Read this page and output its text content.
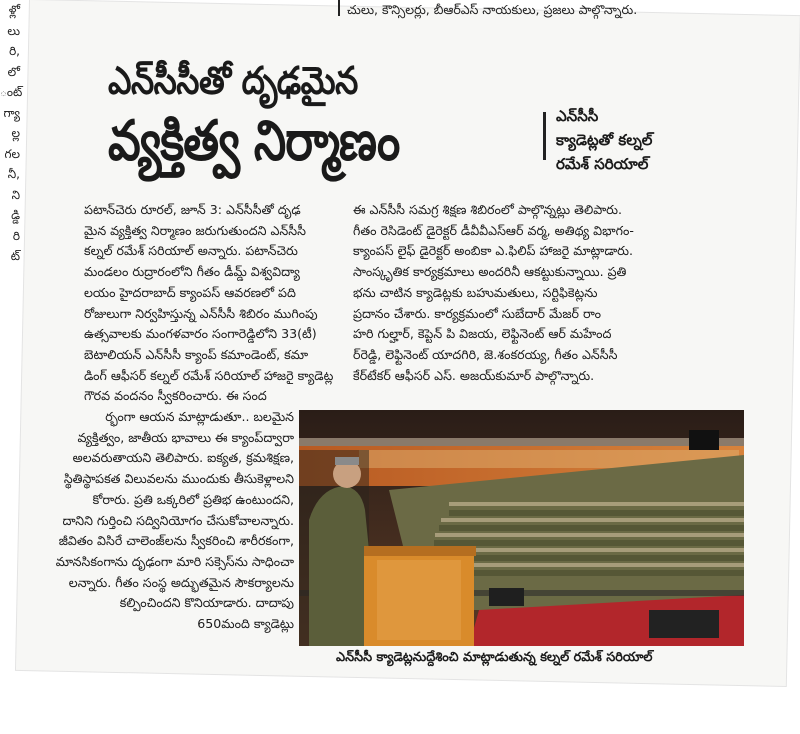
ళ్లో
లు
రి,
లో
ంట్
గ్యా
ల్ల
గల
నీ,
ని
డ్డి
రి
ట్
చులు, కౌన్సిలర్లు, బీఆర్ఎస్ నాయకులు, ప్రజలు పాల్గొన్నారు.
ఎన్‌సీసీతో దృఢమైన
వ్యక్తిత్వ నిర్మాణం	ఎన్‌సీసీ
క్యాడెట్లతో కల్నల్
రమేశ్ సరియాల్
పటాన్‌చెరు రూరల్, జూన్ 3: ఎన్‌సీసీతో దృఢ
మైన వ్యక్తిత్వ నిర్మాణం జరుగుతుందని ఎన్‌సీసీ
కల్నల్ రమేశ్ సరియాల్ అన్నారు. పటాన్‌చెరు
మండలం రుద్రారంలోని గీతం డీమ్డ్ విశ్వవిద్యా
లయం హైదరాబాద్ క్యాంపస్ ఆవరణలో పది
రోజులుగా నిర్వహిస్తున్న ఎన్‌సీసీ శిబిరం ముగింపు
ఉత్సవాలకు మంగళవారం సంగారెడ్డిలోని 33(టీ)
బెటాలియన్ ఎన్‌సీసీ క్యాంప్ కమాండెంట్, కమా
డింగ్ ఆఫీసర్ కల్నల్ రమేశ్ సరియాల్ హాజరై క్యాడెట్ల
గౌరవ వందనం స్వీకరించారు. ఈ సంద
ర్భంగా ఆయన మాట్లాడుతూ.. బలమైన
వ్యక్తిత్వం, జాతీయ భావాలు ఈ క్యాంప్‌ద్వారా
అలవరుతాయని తెలిపారు. ఐక్యత, క్రమశిక్షణ,
స్థితిస్థాపకత విలువలను ముందుకు తీసుకెళ్లాలని
కోరారు. ప్రతి ఒక్కరిలో ప్రతిభ ఉంటుందని,
దానిని గుర్తించి సద్వినియోగం చేసుకోవాలన్నారు.
జీవితం విసిరే చాలెంజ్‌లను స్వీకరించి శారీరకంగా,
మానసికంగాను దృఢంగా మారి సక్సెస్‌ను సాధించా
లన్నారు. గీతం సంస్థ అద్భుతమైన సౌకర్యాలను
కల్పించిందని కొనియాడారు. దాదాపు
650మంది క్యాడెట్లు
ఈ ఎన్‌సీసీ సమగ్ర శిక్షణ శిబిరంలో పాల్గొన్నట్లు తెలిపారు.
గీతం రెసిడెంట్ డైరెక్టర్ డీవీవీఎస్ఆర్ వర్మ, అతిథ్య విభాగం-
క్యాంపస్ లైఫ్ డైరెక్టర్ అంబికా ఎ.ఫిలిప్ హాజరై మాట్లాడారు.
సాంస్కృతిక కార్యక్రమాలు అందరినీ ఆకట్టుకున్నాయి. ప్రతి
భను చాటిన క్యాడెట్లకు బహుమతులు, సర్టిఫికెట్లను
ప్రదానం చేశారు. కార్యక్రమంలో సుబేదార్ మేజర్ రాం
హరి గుల్హార్, కెప్టెన్ పి విజయ, లెఫ్టినెంట్ ఆర్ మహేంద
ర్‌రెడ్డి, లెఫ్టినెంట్ యాదగిరి, జె.శంకరయ్య, గీతం ఎన్‌సీసీ
కేర్‌టేకర్ ఆఫీసర్ ఎస్. అజయ్‌కుమార్ పాల్గొన్నారు.
ఎన్‌సీసీ క్యాడెట్లనుద్దేశించి మాట్లాడుతున్న కల్నల్ రమేశ్ సరియాల్
